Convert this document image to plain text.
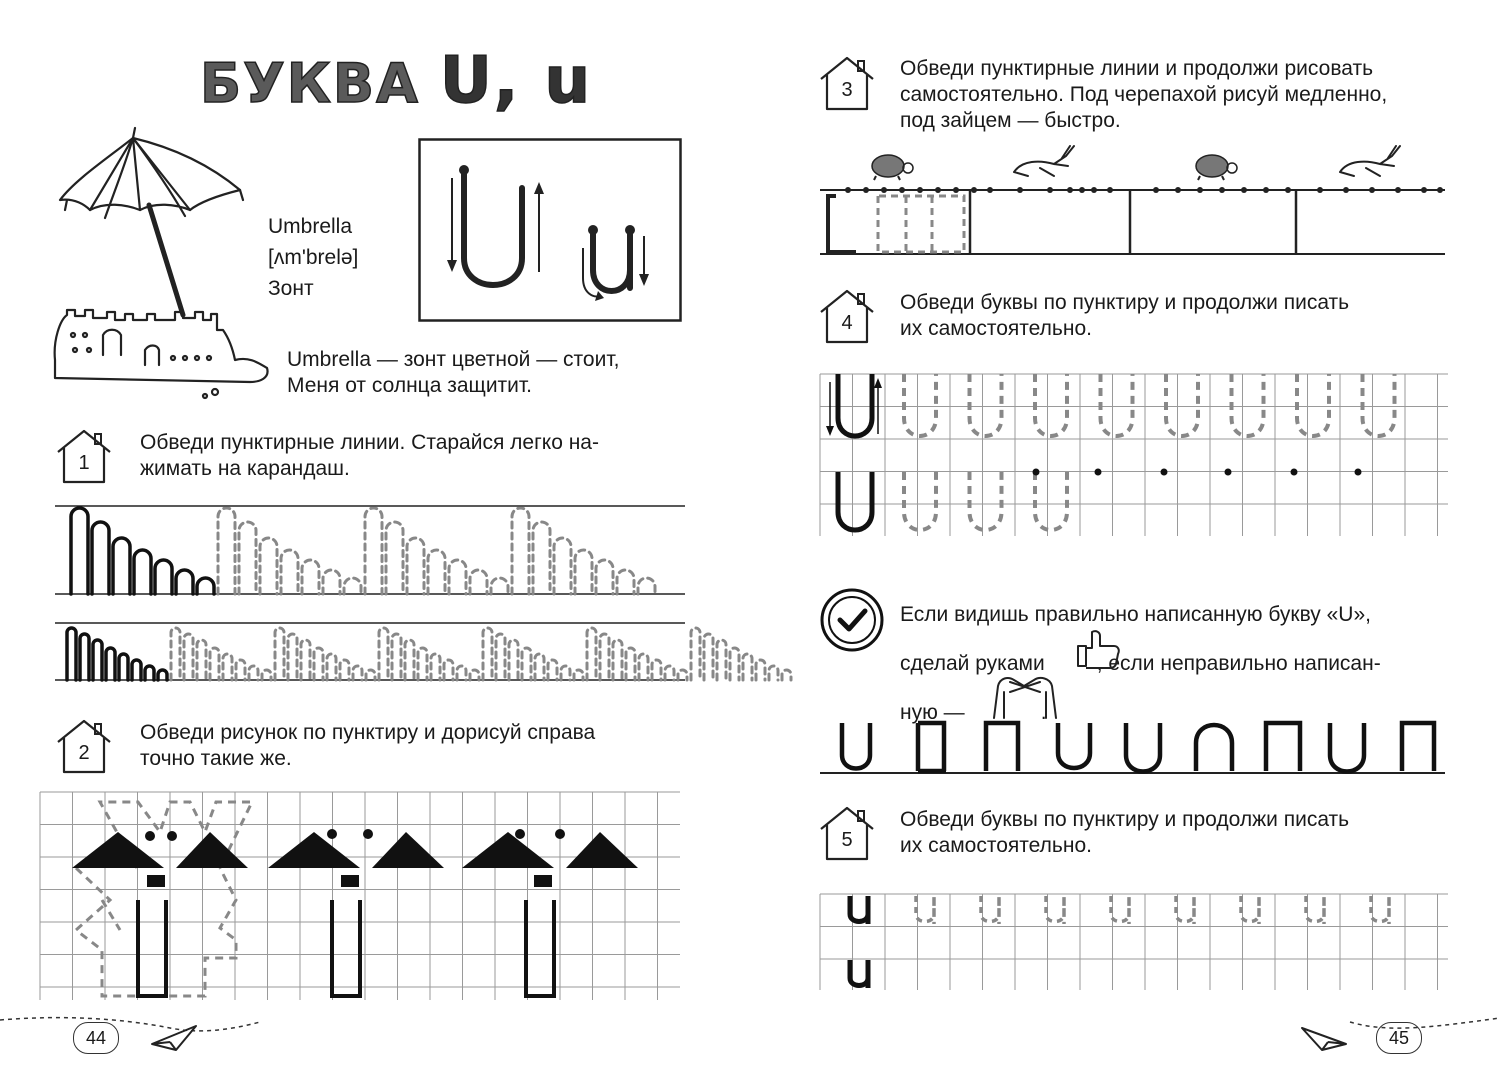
БУКВА U, u
Umbrella
[ʌm'brelə]
Зонт
Umbrella — зонт цветной — стоит,
Меня от солнца защитит.
1
Обведи пунктирные линии. Старайся легко на-
жимать на карандаш.
2
Обведи рисунок по пунктиру и дорисуй справа
точно такие же.
44
3
Обведи пунктирные линии и продолжи рисовать
самостоятельно. Под черепахой рисуй медленно,
под зайцем — быстро.
4
Обведи буквы по пунктиру и продолжи писать
их самостоятельно.
Если видишь правильно написанную букву «U»,
сделай руками , если неправильно написан-
ную —	.
5
Обведи буквы по пунктиру и продолжи писать
их самостоятельно.
45
